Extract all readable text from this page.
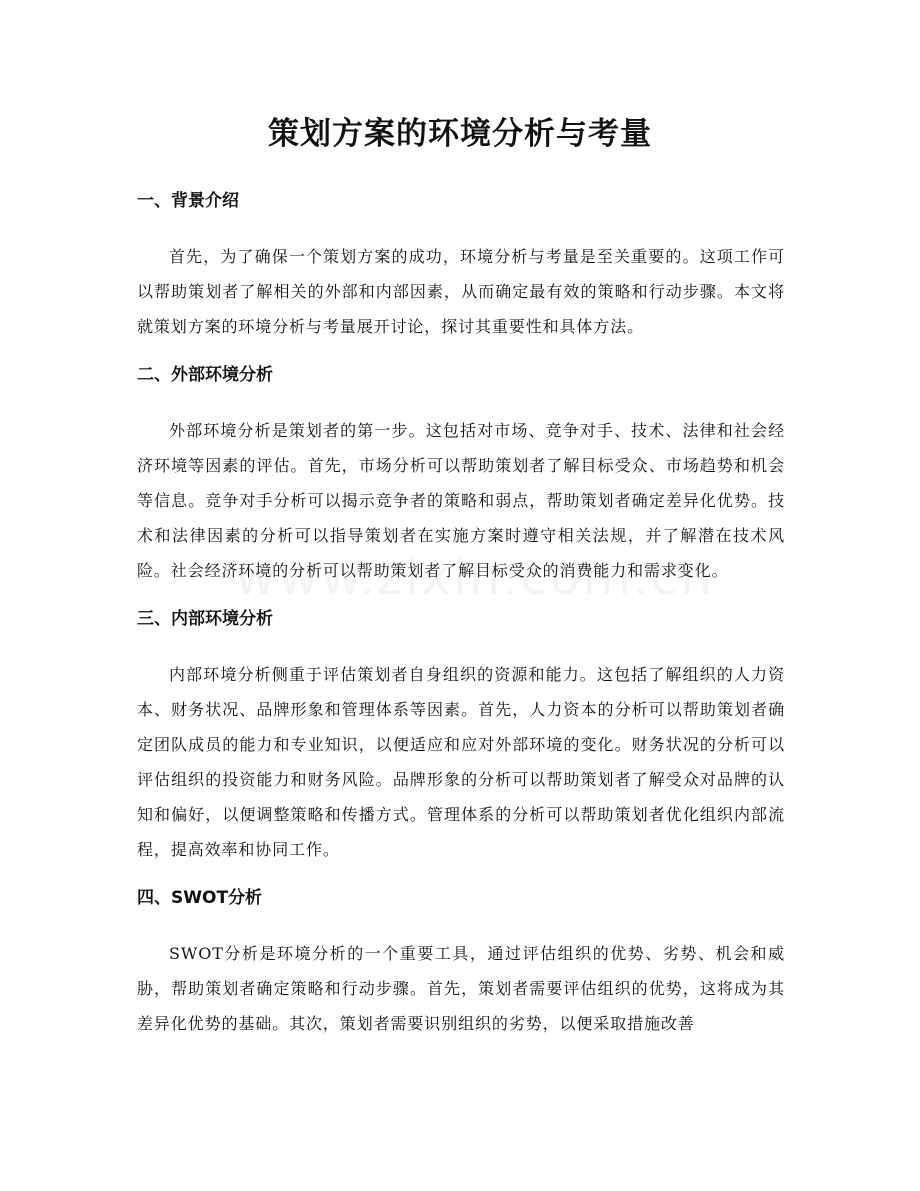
策划方案的环境分析与考量
一、背景介绍

首先，为了确保一个策划方案的成功，环境分析与考量是至关重要的。这项工作可以帮助策划者了解相关的外部和内部因素，从而确定最有效的策略和行动步骤。本文将就策划方案的环境分析与考量展开讨论，探讨其重要性和具体方法。

二、外部环境分析

外部环境分析是策划者的第一步。这包括对市场、竞争对手、技术、法律和社会经济环境等因素的评估。首先，市场分析可以帮助策划者了解目标受众、市场趋势和机会等信息。竞争对手分析可以揭示竞争者的策略和弱点，帮助策划者确定差异化优势。技术和法律因素的分析可以指导策划者在实施方案时遵守相关法规，并了解潜在技术风险。社会经济环境的分析可以帮助策划者了解目标受众的消费能力和需求变化。

三、内部环境分析

内部环境分析侧重于评估策划者自身组织的资源和能力。这包括了解组织的人力资本、财务状况、品牌形象和管理体系等因素。首先，人力资本的分析可以帮助策划者确定团队成员的能力和专业知识，以便适应和应对外部环境的变化。财务状况的分析可以评估组织的投资能力和财务风险。品牌形象的分析可以帮助策划者了解受众对品牌的认知和偏好，以便调整策略和传播方式。管理体系的分析可以帮助策划者优化组织内部流程，提高效率和协同工作。

四、SWOT分析

SWOT分析是环境分析的一个重要工具，通过评估组织的优势、劣势、机会和威胁，帮助策划者确定策略和行动步骤。首先，策划者需要评估组织的优势，这将成为其差异化优势的基础。其次，策划者需要识别组织的劣势，以便采取措施改善
